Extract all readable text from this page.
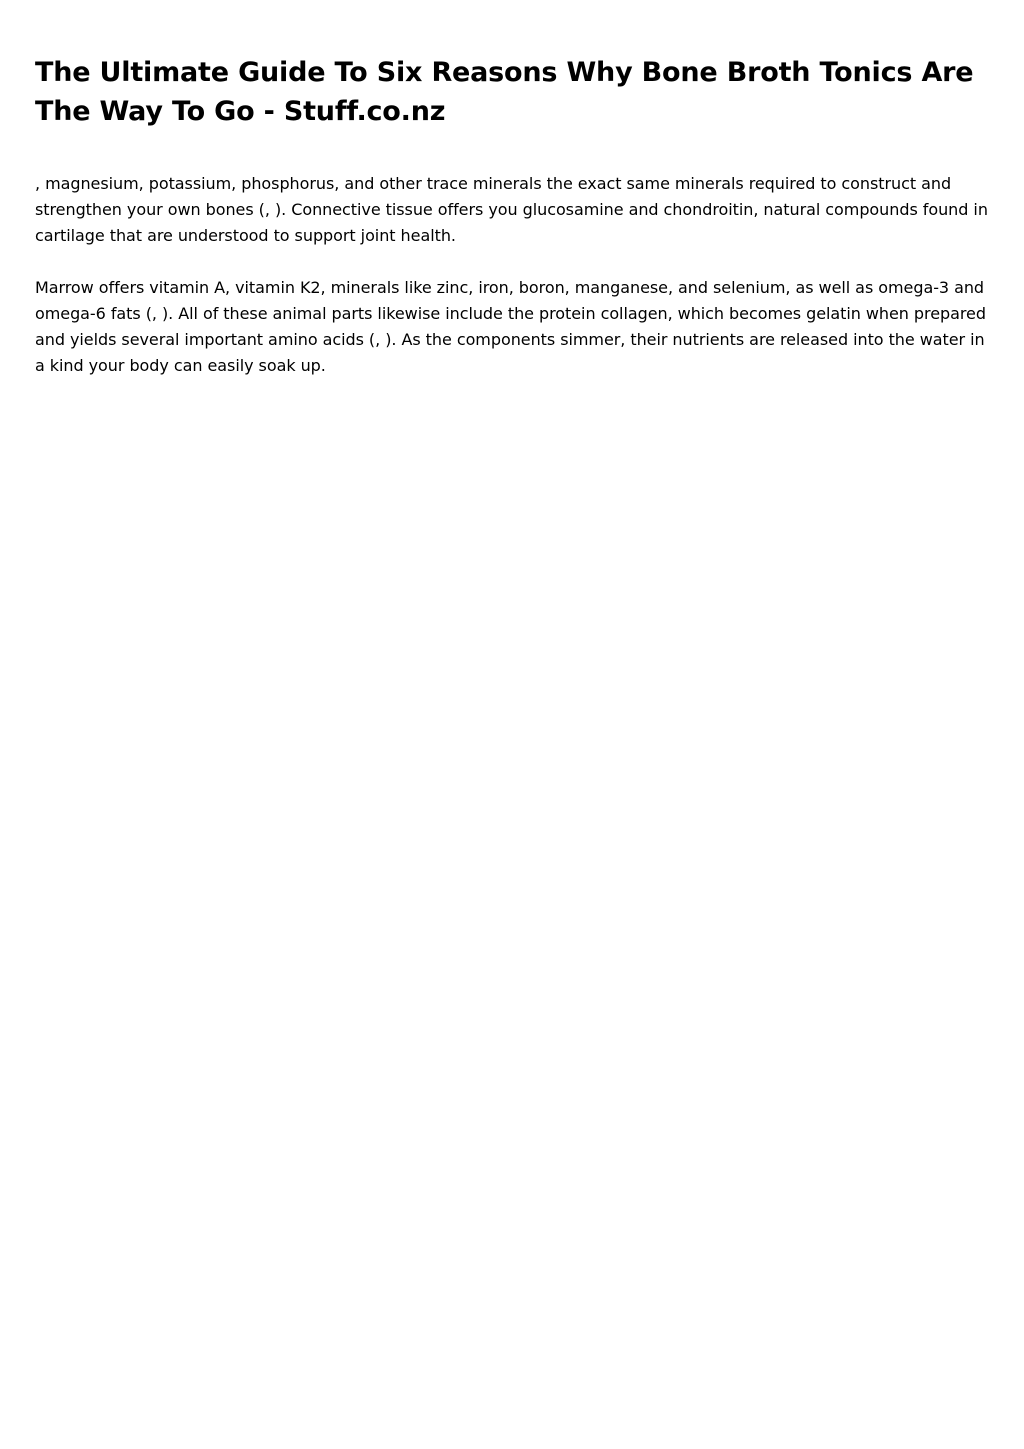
The Ultimate Guide To Six Reasons Why Bone Broth Tonics Are The Way To Go - Stuff.co.nz

, magnesium, potassium, phosphorus, and other trace minerals the exact same minerals required to construct and strengthen your own bones (, ). Connective tissue offers you glucosamine and chondroitin, natural compounds found in cartilage that are understood to support joint health.

Marrow offers vitamin A, vitamin K2, minerals like zinc, iron, boron, manganese, and selenium, as well as omega-3 and omega-6 fats (, ). All of these animal parts likewise include the protein collagen, which becomes gelatin when prepared and yields several important amino acids (, ). As the components simmer, their nutrients are released into the water in a kind your body can easily soak up.
